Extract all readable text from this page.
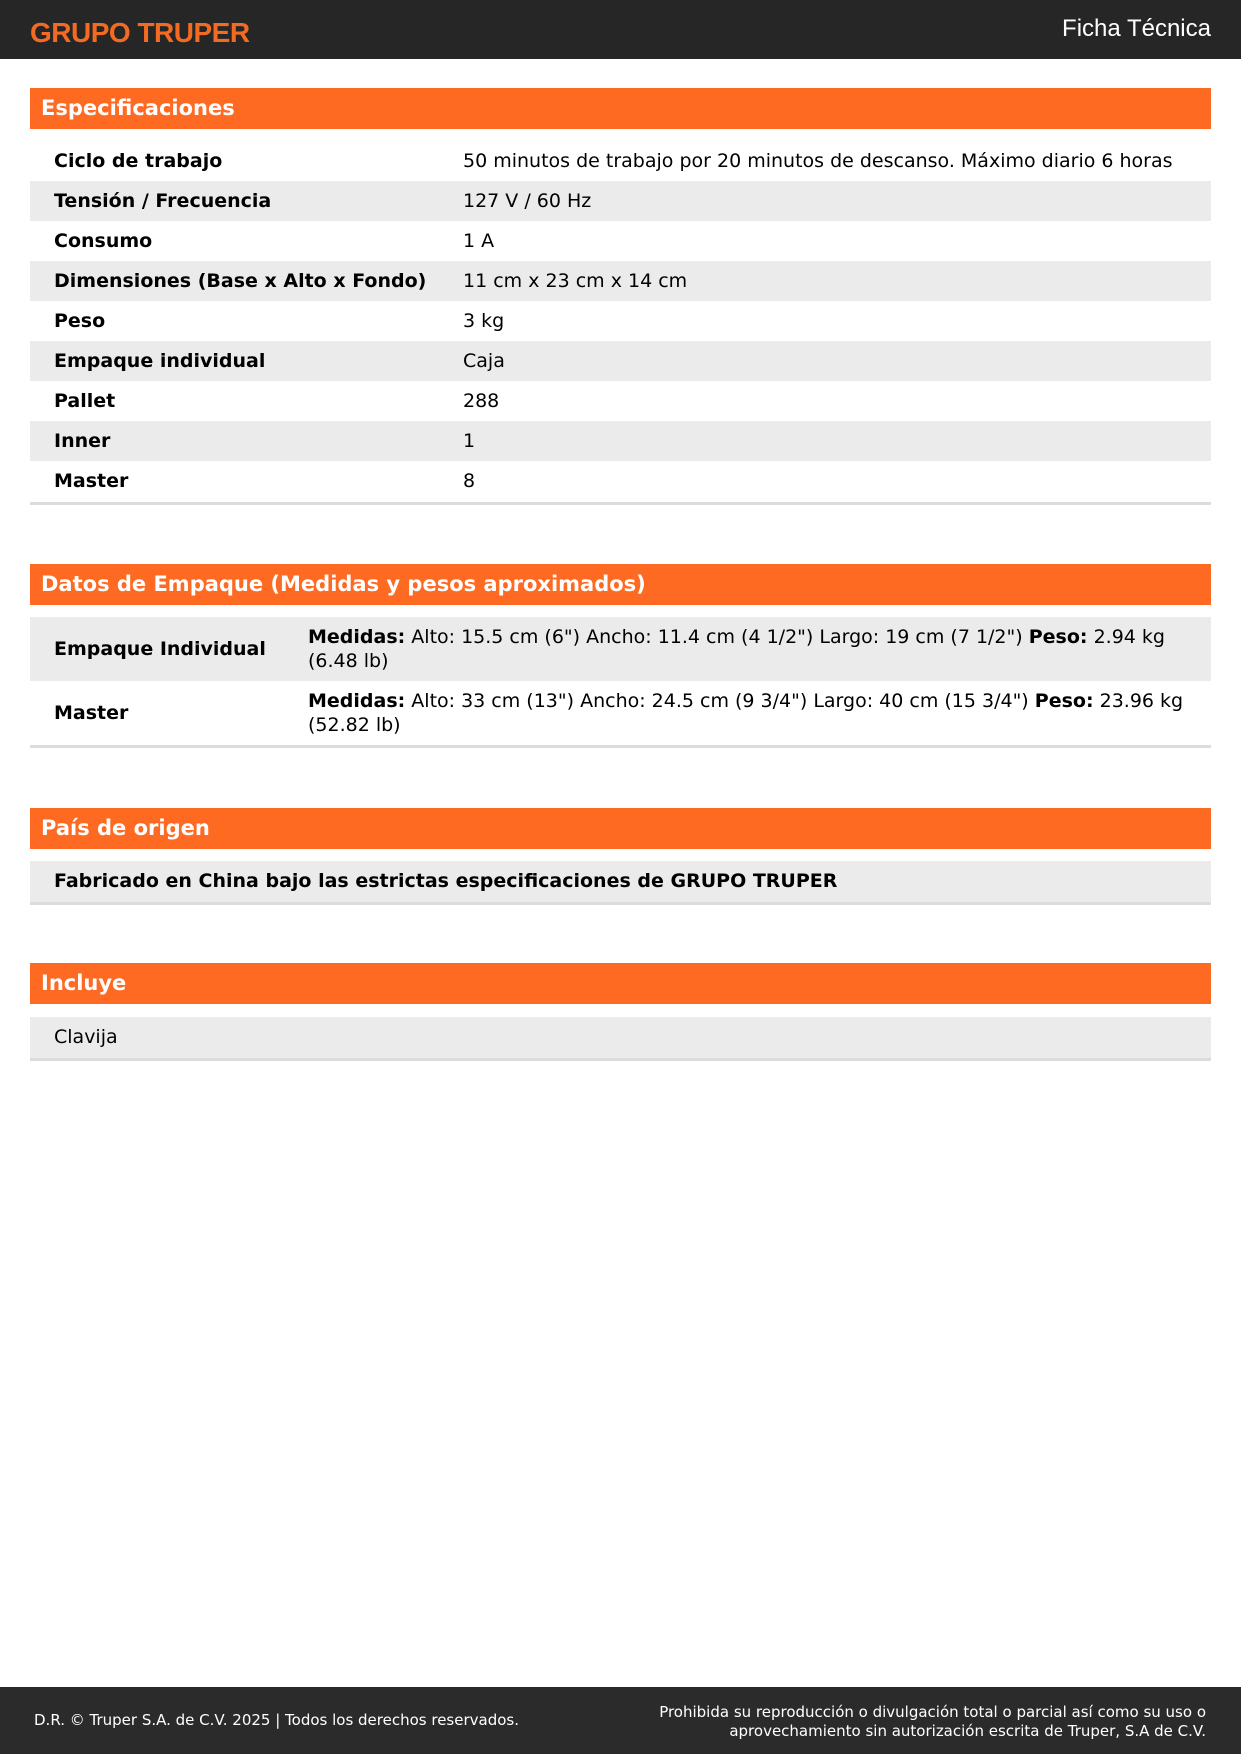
GRUPO TRUPER	Ficha Técnica
Especificaciones
Ciclo de trabajo	50 minutos de trabajo por 20 minutos de descanso. Máximo diario 6 horas
Tensión / Frecuencia	127 V / 60 Hz
Consumo	1 A
Dimensiones (Base x Alto x Fondo)	11 cm x 23 cm x 14 cm
Peso	3 kg
Empaque individual	Caja
Pallet	288
Inner	1
Master	8
Datos de Empaque (Medidas y pesos aproximados)
Empaque Individual	Medidas: Alto: 15.5 cm (6") Ancho: 11.4 cm (4 1/2") Largo: 19 cm (7 1/2") Peso: 2.94 kg (6.48 lb)
Master	Medidas: Alto: 33 cm (13") Ancho: 24.5 cm (9 3/4") Largo: 40 cm (15 3/4") Peso: 23.96 kg (52.82 lb)
País de origen
Fabricado en China bajo las estrictas especificaciones de GRUPO TRUPER
Incluye
Clavija
D.R. © Truper S.A. de C.V. 2025 | Todos los derechos reservados.	Prohibida su reproducción o divulgación total o parcial así como su uso o
aprovechamiento sin autorización escrita de Truper, S.A de C.V.
